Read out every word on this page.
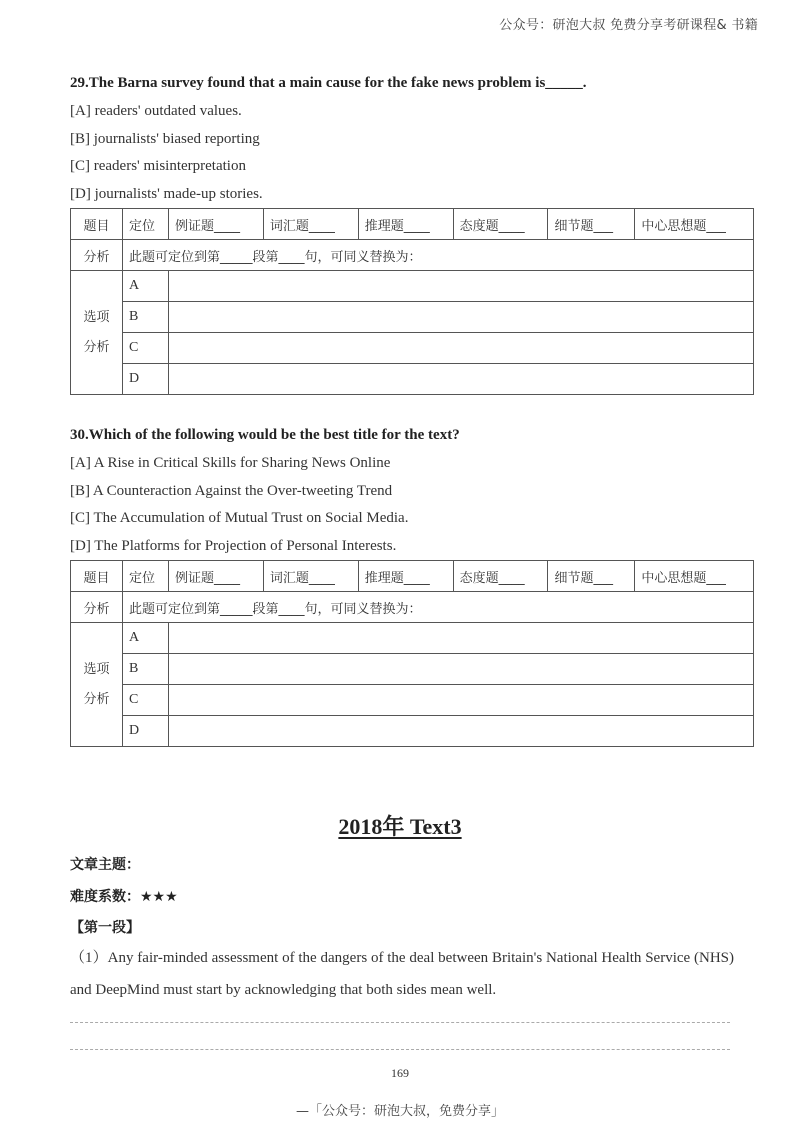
公众号：研泡大叔 免费分享考研课程& 书籍
29.The Barna survey found that a main cause for the fake news problem is_____.
[A] readers' outdated values.
[B] journalists' biased reporting
[C] readers' misinterpretation
[D] journalists' made-up stories.
题目	定位	例证题____	词汇题____	推理题____	态度题____	细节题___	中心思想题___
分析	此题可定位到第_____段第____句，可同义替换为：						

选项
分析	A						
	B						
	C						
	D						
30.Which of the following would be the best title for the text?
[A] A Rise in Critical Skills for Sharing News Online
[B] A Counteraction Against the Over-tweeting Trend
[C] The Accumulation of Mutual Trust on Social Media.
[D] The Platforms for Projection of Personal Interests.
题目	定位	例证题____	词汇题____	推理题____	态度题____	细节题___	中心思想题___
分析	此题可定位到第_____段第____句，可同义替换为：						

选项
分析	A						
	B						
	C						
	D						
2018年 Text3
文章主题：
难度系数：★★★
【第一段】
（1）Any fair-minded assessment of the dangers of the deal between Britain's National Health Service (NHS) and DeepMind must start by acknowledging that both sides mean well.
169
—「公众号：研泡大叔，免费分享」
